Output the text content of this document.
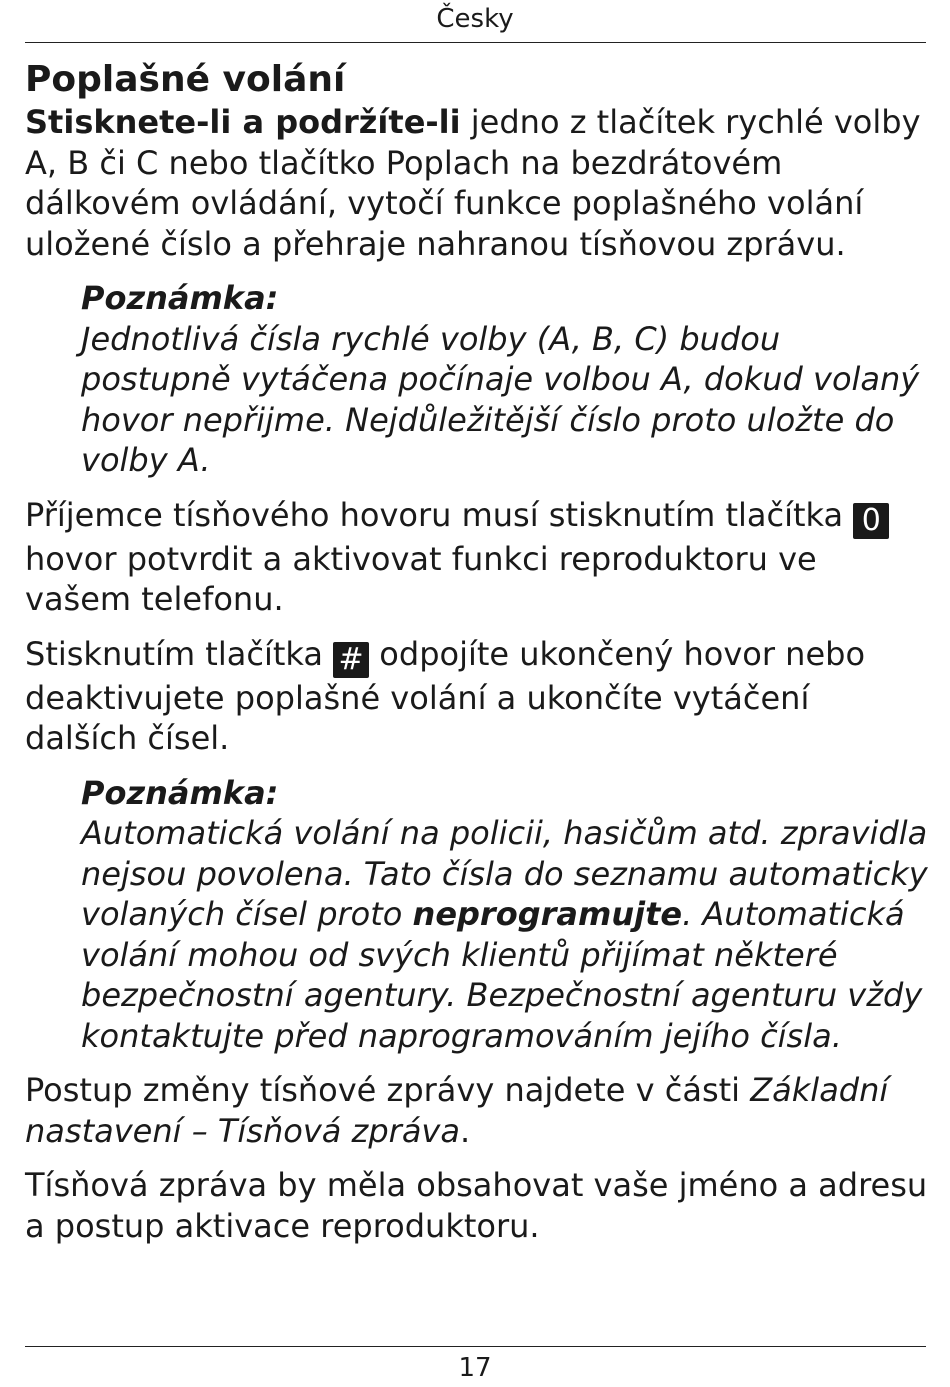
Česky
Poplašné volání

Stisknete-li a podržíte-li jedno z tlačítek rychlé volby A, B či C nebo tlačítko Poplach na bezdrátovém dálkovém ovládání, vytočí funkce poplašného volání uložené číslo a přehraje nahranou tísňovou zprávu.

Poznámka:

Jednotlivá čísla rychlé volby (A, B, C) budou postupně vytáčena počínaje volbou A, dokud volaný hovor nepřijme. Nejdůležitější číslo proto uložte do volby A.

Příjemce tísňového hovoru musí stisknutím tlačítka 0 hovor potvrdit a aktivovat funkci reproduktoru ve vašem telefonu.

Stisknutím tlačítka # odpojíte ukončený hovor nebo deaktivujete poplašné volání a ukončíte vytáčení dalších čísel.

Poznámka:

Automatická volání na policii, hasičům atd. zpravidla nejsou povolena. Tato čísla do seznamu automaticky volaných čísel proto neprogramujte. Automatická volání mohou od svých klientů přijímat některé bezpečnostní agentury. Bezpečnostní agenturu vždy kontaktujte před naprogramováním jejího čísla.

Postup změny tísňové zprávy najdete v části Základní nastavení – Tísňová zpráva.

Tísňová zpráva by měla obsahovat vaše jméno a adresu a postup aktivace reproduktoru.

17
